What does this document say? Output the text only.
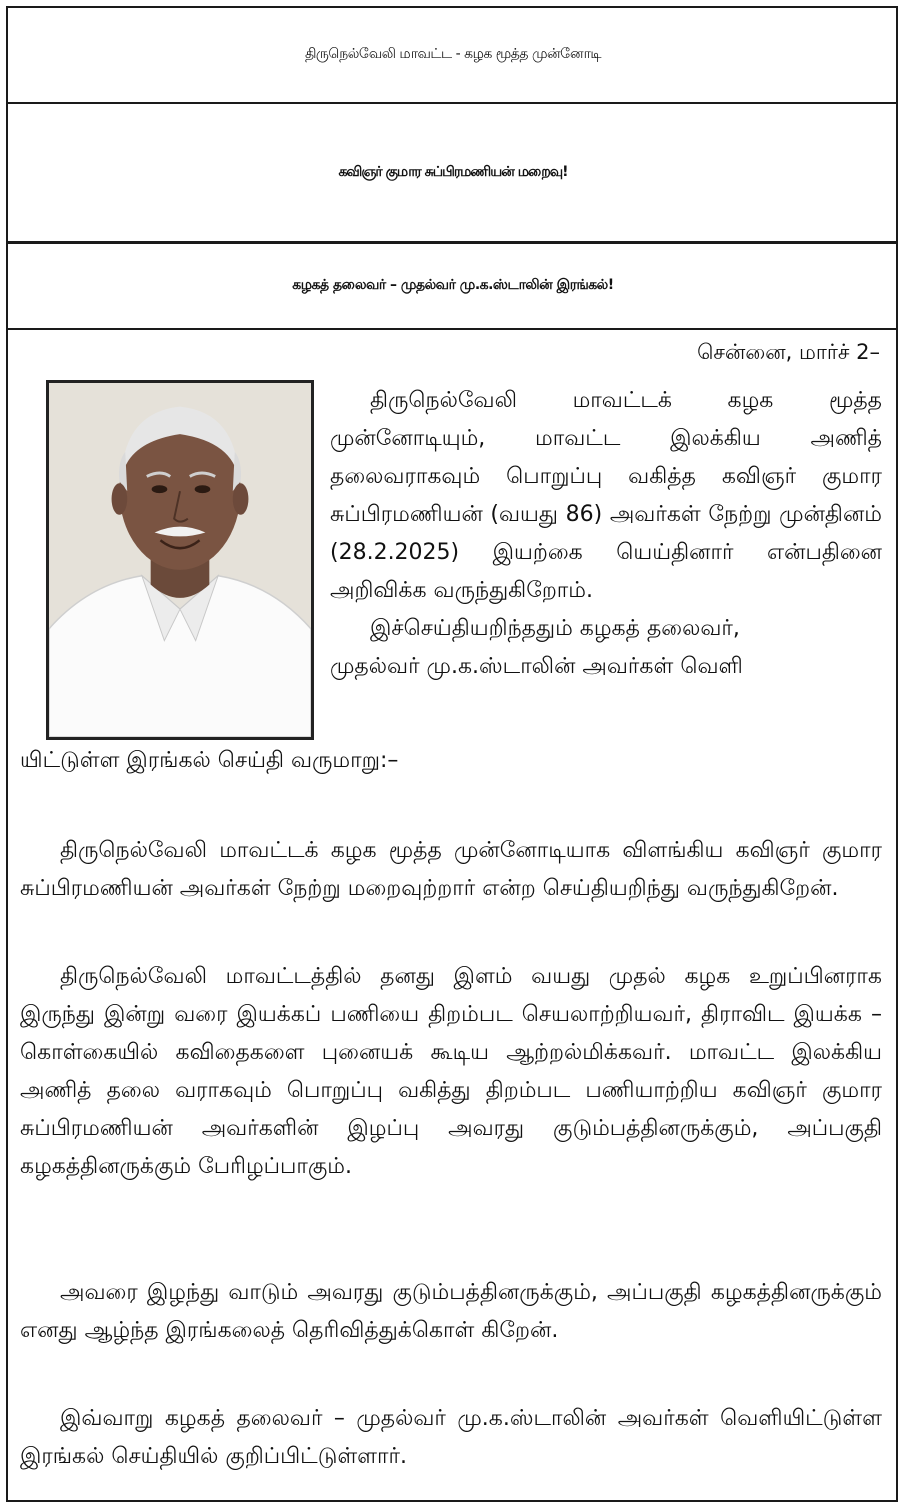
திருநெல்வேலி மாவட்ட - கழக மூத்த முன்னோடி
கவிஞர் குமார சுப்பிரமணியன் மறைவு!
கழகத் தலைவர் – முதல்வர் மு.க.ஸ்டாலின் இரங்கல்!
சென்னை, மார்ச் 2–

திருநெல்வேலி மாவட்டக் கழக மூத்த முன்னோடியும், மாவட்ட இலக்கிய அணித் தலைவராகவும் பொறுப்பு வகித்த கவிஞர் குமார சுப்பிரமணியன் (வயது 86) அவர்கள் நேற்று முன்தினம் (28.2.2025) இயற்கை யெய்தினார் என்பதினை அறிவிக்க வருந்துகிறோம்.

இச்செய்தியறிந்ததும் கழகத் தலைவர்,

முதல்வர் மு.க.ஸ்டாலின் அவர்கள் வெளி

யிட்டுள்ள இரங்கல் செய்தி வருமாறு:–

திருநெல்வேலி மாவட்டக் கழக மூத்த முன்னோடியாக விளங்கிய கவிஞர் குமார சுப்பிரமணியன் அவர்கள் நேற்று மறைவுற்றார் என்ற செய்தியறிந்து வருந்துகிறேன்.

திருநெல்வேலி மாவட்டத்தில் தனது இளம் வயது முதல் கழக உறுப்பினராக இருந்து இன்று வரை இயக்கப் பணியை திறம்பட செயலாற்றியவர், திராவிட இயக்க – கொள்கையில் கவிதைகளை புனையக் கூடிய ஆற்றல்மிக்கவர். மாவட்ட இலக்கிய அணித் தலை வராகவும் பொறுப்பு வகித்து திறம்பட பணியாற்றிய கவிஞர் குமார சுப்பிரமணியன் அவர்களின் இழப்பு அவரது குடும்பத்தினருக்கும், அப்பகுதி கழகத்தினருக்கும் பேரிழப்பாகும்.

அவரை இழந்து வாடும் அவரது குடும்பத்தினருக்கும், அப்பகுதி கழகத்தினருக்கும் எனது ஆழ்ந்த இரங்கலைத் தெரிவித்துக்கொள் கிறேன்.

இவ்வாறு கழகத் தலைவர் – முதல்வர் மு.க.ஸ்டாலின் அவர்கள் வெளியிட்டுள்ள இரங்கல் செய்தியில் குறிப்பிட்டுள்ளார்.
